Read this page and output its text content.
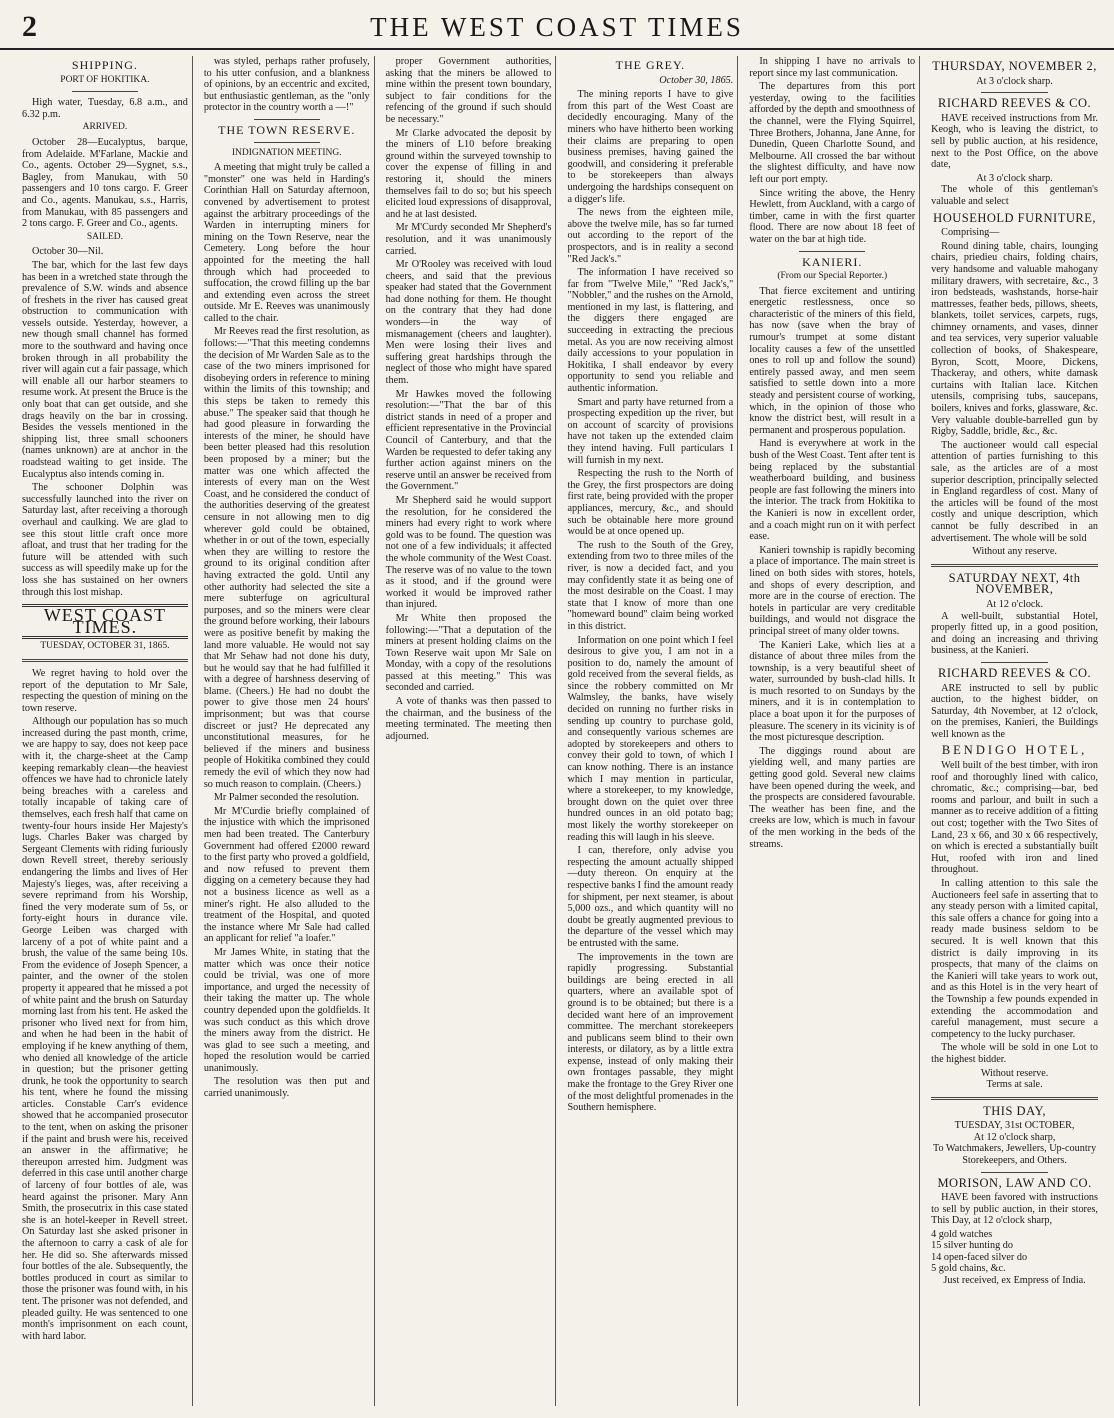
2	THE WEST COAST TIMES
SHIPPING.
PORT OF HOKITIKA.

High water, Tuesday, 6.8 a.m., and 6.32 p.m.

ARRIVED.

October 28—Eucalyptus, barque, from Adelaide. M'Farlane, Mackie and Co., agents. October 29—Sygnet, s.s., Bagley, from Manukau, with 50 passengers and 10 tons cargo. F. Greer and Co., agents. Manukau, s.s., Harris, from Manukau, with 85 passengers and 2 tons cargo. F. Greer and Co., agents.

SAILED.

October 30—Nil.

The bar, which for the last few days has been in a wretched state through the prevalence of S.W. winds and absence of freshets in the river has caused great obstruction to communication with vessels outside. Yesterday, however, a new though small channel has formed more to the southward and having once broken through in all probability the river will again cut a fair passage, which will enable all our harbor steamers to resume work. At present the Bruce is the only boat that can get outside, and she drags heavily on the bar in crossing. Besides the vessels mentioned in the shipping list, three small schooners (names unknown) are at anchor in the roadstead waiting to get inside. The Eucalyptus also intends coming in.

The schooner Dolphin was successfully launched into the river on Saturday last, after receiving a thorough overhaul and caulking. We are glad to see this stout little craft once more afloat, and trust that her trading for the future will be attended with such success as will speedily make up for the loss she has sustained on her owners through this lost mishap.

WEST COAST TIMES.
TUESDAY, OCTOBER 31, 1865.

We regret having to hold over the report of the deputation to Mr Sale, respecting the question of mining on the town reserve.

Although our population has so much increased during the past month, crime, we are happy to say, does not keep pace with it, the charge-sheet at the Camp keeping remarkably clean—the heaviest offences we have had to chronicle lately being breaches with a careless and totally incapable of taking care of themselves, each fresh half that came on twenty-four hours inside Her Majesty's lugs. Charles Baker was charged by Sergeant Clements with riding furiously down Revell street, thereby seriously endangering the limbs and lives of Her Majesty's lieges, was, after receiving a severe reprimand from his Worship, fined the very moderate sum of 5s, or forty-eight hours in durance vile. George Leiben was charged with larceny of a pot of white paint and a brush, the value of the same being 10s. From the evidence of Joseph Spencer, a painter, and the owner of the stolen property it appeared that he missed a pot of white paint and the brush on Saturday morning last from his tent. He asked the prisoner who lived next for from him, and when he had been in the habit of employing if he knew anything of them, who denied all knowledge of the article in question; but the prisoner getting drunk, he took the opportunity to search his tent, where he found the missing articles. Constable Carr's evidence showed that he accompanied prosecutor to the tent, when on asking the prisoner if the paint and brush were his, received an answer in the affirmative; he thereupon arrested him. Judgment was deferred in this case until another charge of larceny of four bottles of ale, was heard against the prisoner. Mary Ann Smith, the prosecutrix in this case stated she is an hotel-keeper in Revell street. On Saturday last she asked prisoner in the afternoon to carry a cask of ale for her. He did so. She afterwards missed four bottles of the ale. Subsequently, the bottles produced in court as similar to those the prisoner was found with, in his tent. The prisoner was not defended, and pleaded guilty. He was sentenced to one month's imprisonment on each count, with hard labor.

was styled, perhaps rather profusely, to his utter confusion, and a blankness of opinions, by an eccentric and excited, but enthusiastic gentleman, as the "only protector in the country worth a —!"

THE TOWN RESERVE.
INDIGNATION MEETING.

A meeting that might truly be called a "monster" one was held in Harding's Corinthian Hall on Saturday afternoon, convened by advertisement to protest against the arbitrary proceedings of the Warden in interrupting miners for mining on the Town Reserve, near the Cemetery. Long before the hour appointed for the meeting the hall through which had proceeded to suffocation, the crowd filling up the bar and extending even across the street outside. Mr E. Reeves was unanimously called to the chair.

Mr Reeves read the first resolution, as follows:—"That this meeting condemns the decision of Mr Warden Sale as to the case of the two miners imprisoned for disobeying orders in reference to mining within the limits of this township; and this steps be taken to remedy this abuse." The speaker said that though he had good pleasure in forwarding the interests of the miner, he should have been better pleased had this resolution been proposed by a miner; but the matter was one which affected the interests of every man on the West Coast, and he considered the conduct of the authorities deserving of the greatest censure in not allowing men to dig wherever gold could be obtained, whether in or out of the town, especially when they are willing to restore the ground to its original condition after having extracted the gold. Until any other authority had selected the site a mere subterfuge on agricultural purposes, and so the miners were clear the ground before working, their labours were as positive benefit by making the land more valuable. He would not say that Mr Sehaw had not done his duty, but he would say that he had fulfilled it with a degree of harshness deserving of blame. (Cheers.) He had no doubt the power to give those men 24 hours' imprisonment; but was that course discreet or just? He deprecated any unconstitutional measures, for he believed if the miners and business people of Hokitika combined they could remedy the evil of which they now had so much reason to complain. (Cheers.)

Mr Palmer seconded the resolution.

Mr M'Curdie briefly complained of the injustice with which the imprisoned men had been treated. The Canterbury Government had offered £2000 reward to the first party who proved a goldfield, and now refused to prevent them digging on a cemetery because they had not a business licence as well as a miner's right. He also alluded to the treatment of the Hospital, and quoted the instance where Mr Sale had called an applicant for relief "a loafer."

Mr James White, in stating that the matter which was once their notice could be trivial, was one of more importance, and urged the necessity of their taking the matter up. The whole country depended upon the goldfields. It was such conduct as this which drove the miners away from the district. He was glad to see such a meeting, and hoped the resolution would be carried unanimously.

The resolution was then put and carried unanimously.

proper Government authorities, asking that the miners be allowed to mine within the present town boundary, subject to fair conditions for the refencing of the ground if such should be necessary."

Mr Clarke advocated the deposit by the miners of L10 before breaking ground within the surveyed township to cover the expense of filling in and restoring it, should the miners themselves fail to do so; but his speech elicited loud expressions of disapproval, and he at last desisted.

Mr M'Curdy seconded Mr Shepherd's resolution, and it was unanimously carried.

Mr O'Rooley was received with loud cheers, and said that the previous speaker had stated that the Government had done nothing for them. He thought on the contrary that they had done wonders—in the way of mismanagement (cheers and laughter). Men were losing their lives and suffering great hardships through the neglect of those who might have spared them.

Mr Hawkes moved the following resolution:—"That the bar of this district stands in need of a proper and efficient representative in the Provincial Council of Canterbury, and that the Warden be requested to defer taking any further action against miners on the reserve until an answer be received from the Government."

Mr Shepherd said he would support the resolution, for he considered the miners had every right to work where gold was to be found. The question was not one of a few individuals; it affected the whole community of the West Coast. The reserve was of no value to the town as it stood, and if the ground were worked it would be improved rather than injured.

Mr White then proposed the following:—"That a deputation of the miners at present holding claims on the Town Reserve wait upon Mr Sale on Monday, with a copy of the resolutions passed at this meeting." This was seconded and carried.

A vote of thanks was then passed to the chairman, and the business of the meeting terminated. The meeting then adjourned.

THE GREY.
October 30, 1865.

The mining reports I have to give from this part of the West Coast are decidedly encouraging. Many of the miners who have hitherto been working their claims are preparing to open business premises, having gained the goodwill, and considering it preferable to be storekeepers than always undergoing the hardships consequent on a digger's life.

The news from the eighteen mile, above the twelve mile, has so far turned out according to the report of the prospectors, and is in reality a second "Red Jack's."

The information I have received so far from "Twelve Mile," "Red Jack's," "Nobbler," and the rushes on the Arnold, mentioned in my last, is flattering, and the diggers there engaged are succeeding in extracting the precious metal. As you are now receiving almost daily accessions to your population in Hokitika, I shall endeavor by every opportunity to send you reliable and authentic information.

Smart and party have returned from a prospecting expedition up the river, but on account of scarcity of provisions have not taken up the extended claim they intend having. Full particulars I will furnish in my next.

Respecting the rush to the North of the Grey, the first prospectors are doing first rate, being provided with the proper appliances, mercury, &c., and should such be obtainable here more ground would be at once opened up.

The rush to the South of the Grey, extending from two to three miles of the river, is now a decided fact, and you may confidently state it as being one of the most desirable on the Coast. I may state that I know of more than one "homeward bound" claim being worked in this district.

Information on one point which I feel desirous to give you, I am not in a position to do, namely the amount of gold received from the several fields, as since the robbery committed on Mr Walmsley, the banks, have wisely decided on running no further risks in sending up country to purchase gold, and consequently various schemes are adopted by storekeepers and others to convey their gold to town, of which I can know nothing. There is an instance which I may mention in particular, where a storekeeper, to my knowledge, brought down on the quiet over three hundred ounces in an old potato bag; most likely the worthy storekeeper on reading this will laugh in his sleeve.

I can, therefore, only advise you respecting the amount actually shipped—duty thereon. On enquiry at the respective banks I find the amount ready for shipment, per next steamer, is about 5,000 ozs., and which quantity will no doubt be greatly augmented previous to the departure of the vessel which may be entrusted with the same.

The improvements in the town are rapidly progressing. Substantial buildings are being erected in all quarters, where an available spot of ground is to be obtained; but there is a decided want here of an improvement committee. The merchant storekeepers and publicans seem blind to their own interests, or dilatory, as by a little extra expense, instead of only making their own frontages passable, they might make the frontage to the Grey River one of the most delightful promenades in the Southern hemisphere.

In shipping I have no arrivals to report since my last communication.

The departures from this port yesterday, owing to the facilities afforded by the depth and smoothness of the channel, were the Flying Squirrel, Three Brothers, Johanna, Jane Anne, for Dunedin, Queen Charlotte Sound, and Melbourne. All crossed the bar without the slightest difficulty, and have now left our port empty.

Since writing the above, the Henry Hewlett, from Auckland, with a cargo of timber, came in with the first quarter flood. There are now about 18 feet of water on the bar at high tide.

KANIERI.
(From our Special Reporter.)

That fierce excitement and untiring energetic restlessness, once so characteristic of the miners of this field, has now (save when the bray of rumour's trumpet at some distant locality causes a few of the unsettled ones to roll up and follow the sound) entirely passed away, and men seem satisfied to settle down into a more steady and persistent course of working, which, in the opinion of those who know the district best, will result in a permanent and prosperous population.

Hand is everywhere at work in the bush of the West Coast. Tent after tent is being replaced by the substantial weatherboard building, and business people are fast following the miners into the interior. The track from Hokitika to the Kanieri is now in excellent order, and a coach might run on it with perfect ease.

Kanieri township is rapidly becoming a place of importance. The main street is lined on both sides with stores, hotels, and shops of every description, and more are in the course of erection. The hotels in particular are very creditable buildings, and would not disgrace the principal street of many older towns.

The Kanieri Lake, which lies at a distance of about three miles from the township, is a very beautiful sheet of water, surrounded by bush-clad hills. It is much resorted to on Sundays by the miners, and it is in contemplation to place a boat upon it for the purposes of pleasure. The scenery in its vicinity is of the most picturesque description.

The diggings round about are yielding well, and many parties are getting good gold. Several new claims have been opened during the week, and the prospects are considered favourable. The weather has been fine, and the creeks are low, which is much in favour of the men working in the beds of the streams.

THURSDAY, NOVEMBER 2,
At 3 o'clock sharp.
RICHARD REEVES & CO.

HAVE received instructions from Mr. Keogh, who is leaving the district, to sell by public auction, at his residence, next to the Post Office, on the above date,

At 3 o'clock sharp.

The whole of this gentleman's valuable and select

HOUSEHOLD FURNITURE,

Comprising—

Round dining table, chairs, lounging chairs, priedieu chairs, folding chairs, very handsome and valuable mahogany military drawers, with secretaire, &c., 3 iron bedsteads, washstands, horse-hair mattresses, feather beds, pillows, sheets, blankets, toilet services, carpets, rugs, chimney ornaments, and vases, dinner and tea services, very superior valuable collection of books, of Shakespeare, Byron, Scott, Moore, Dickens, Thackeray, and others, white damask curtains with Italian lace. Kitchen utensils, comprising tubs, saucepans, boilers, knives and forks, glassware, &c. Very valuable double-barrelled gun by Rigby, Saddle, bridle, &c., &c.

The auctioneer would call especial attention of parties furnishing to this sale, as the articles are of a most superior description, principally selected in England regardless of cost. Many of the articles will be found of the most costly and unique description, which cannot be fully described in an advertisement. The whole will be sold

Without any reserve.
SATURDAY NEXT, 4th NOVEMBER,
At 12 o'clock.

A well-built, substantial Hotel, properly fitted up, in a good position, and doing an increasing and thriving business, at the Kanieri.

RICHARD REEVES & CO.

ARE instructed to sell by public auction, to the highest bidder, on Saturday, 4th November, at 12 o'clock, on the premises, Kanieri, the Buildings well known as the

BENDIGO HOTEL,

Well built of the best timber, with iron roof and thoroughly lined with calico, chromatic, &c.; comprising—bar, bed rooms and parlour, and built in such a manner as to receive addition of a fitting out cost; together with the Two Sites of Land, 23 x 66, and 30 x 66 respectively, on which is erected a substantially built Hut, roofed with iron and lined throughout.

In calling attention to this sale the Auctioneers feel safe in asserting that to any steady person with a limited capital, this sale offers a chance for going into a ready made business seldom to be secured. It is well known that this district is daily improving in its prospects, that many of the claims on the Kanieri will take years to work out, and as this Hotel is in the very heart of the Township a few pounds expended in extending the accommodation and careful management, must secure a competency to the lucky purchaser.

The whole will be sold in one Lot to the highest bidder.

Without reserve.
Terms at sale.
THIS DAY,
TUESDAY, 31st OCTOBER,
At 12 o'clock sharp,

To Watchmakers, Jewellers, Up-country Storekeepers, and Others.

MORISON, LAW AND CO.

HAVE been favored with instructions to sell by public auction, in their stores, This Day, at 12 o'clock sharp,

4 gold watches
15 silver hunting do
14 open-faced silver do
5 gold chains, &c.
Just received, ex Empress of India.
